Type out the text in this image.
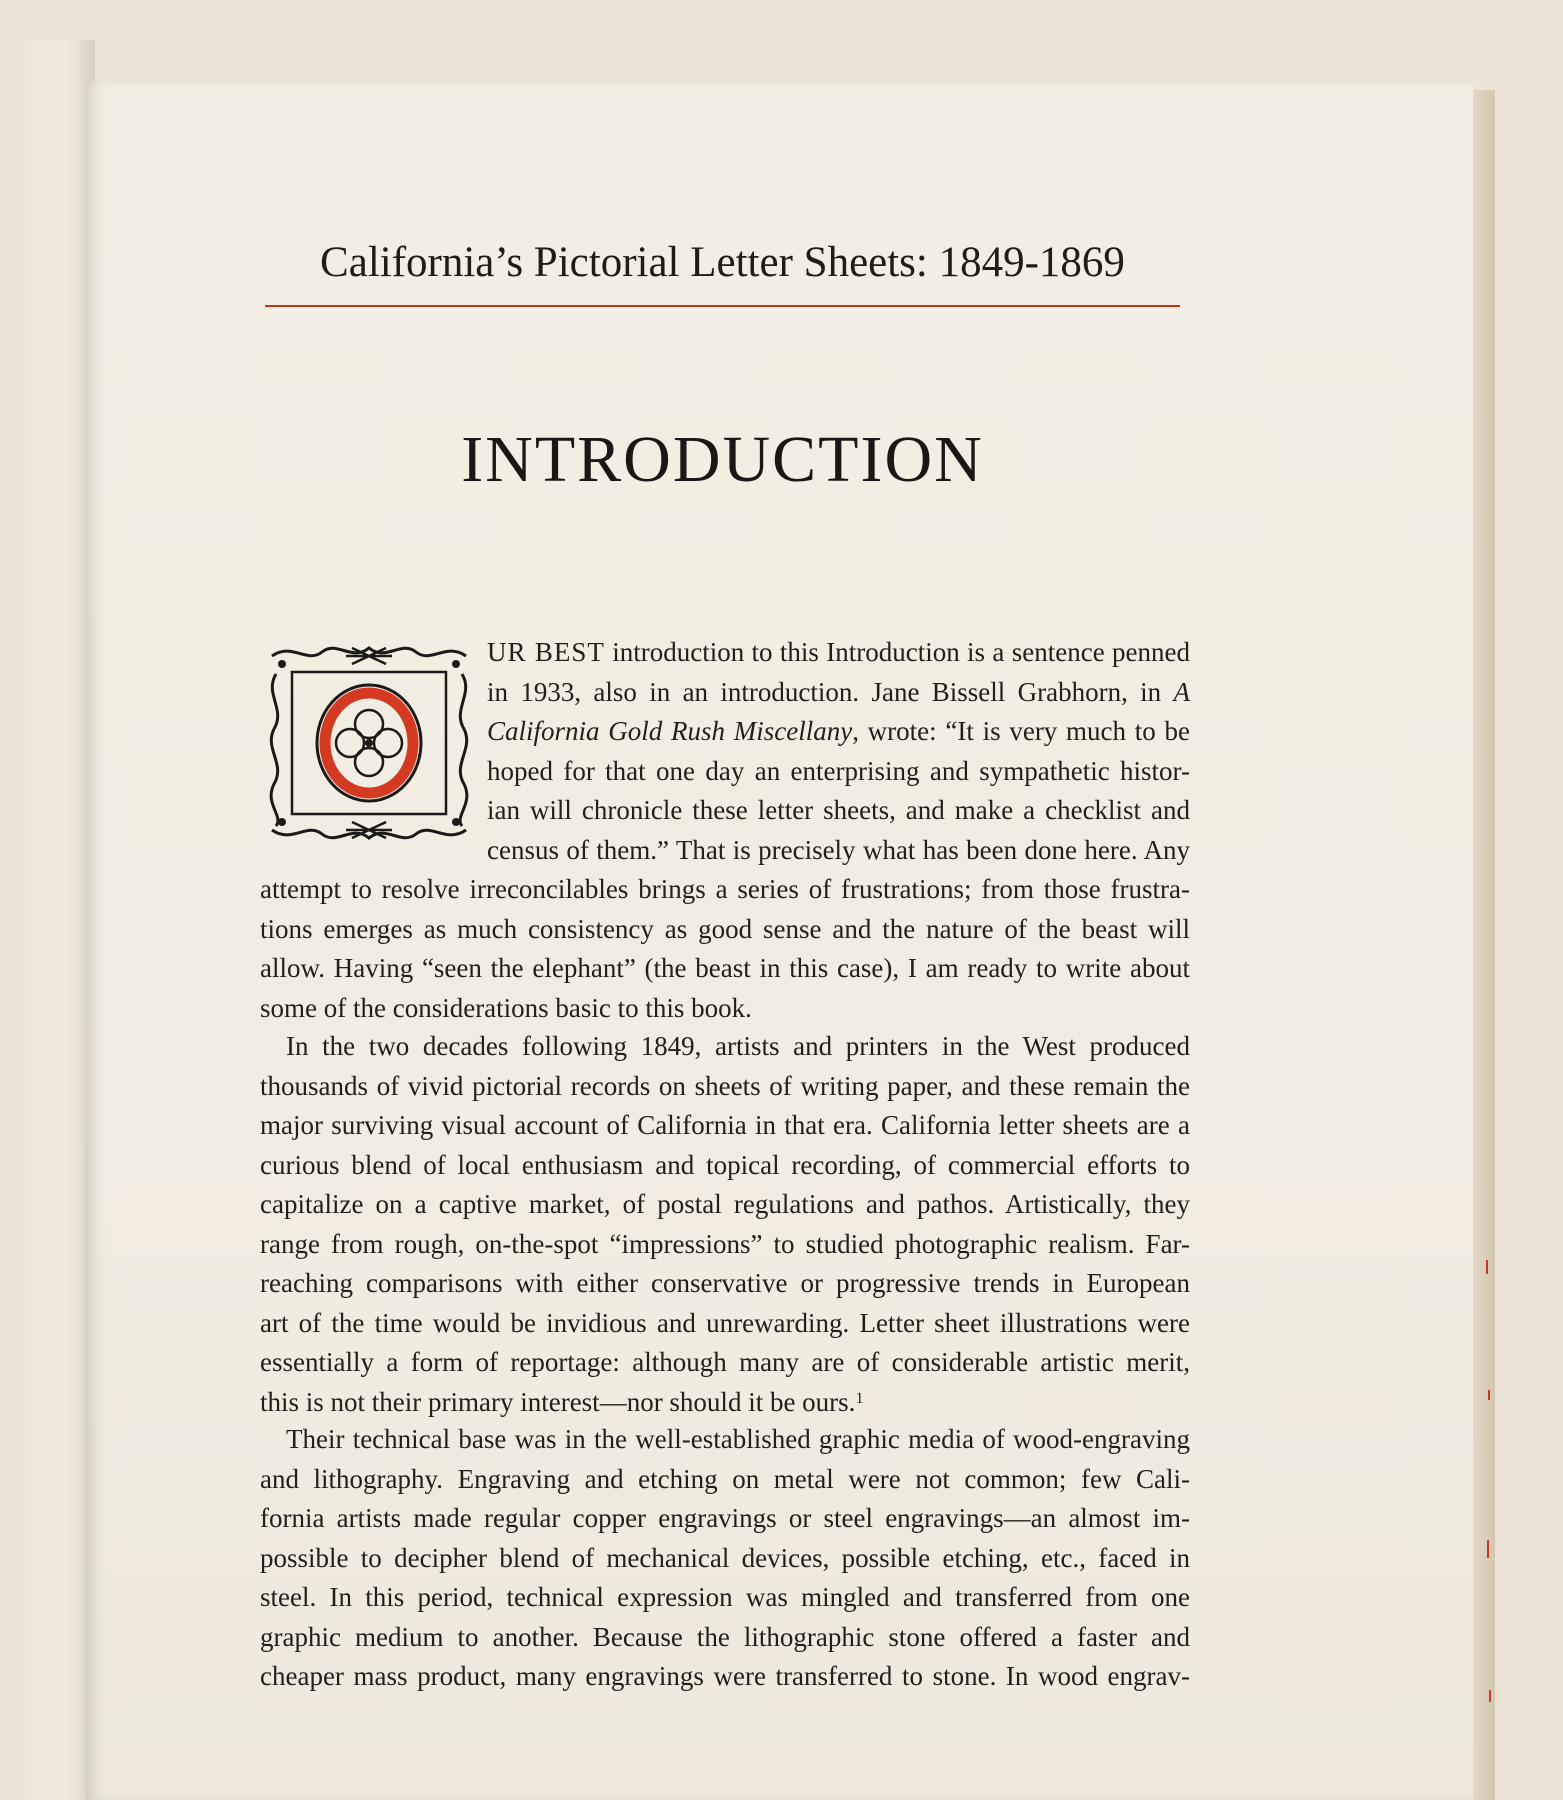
California’s Pictorial Letter Sheets: 1849-1869
INTRODUCTION
UR BEST introduction to this Introduction is a sentence penned
in 1933, also in an introduction. Jane Bissell Grabhorn, in A
California Gold Rush Miscellany, wrote: “It is very much to be
hoped for that one day an enterprising and sympathetic histor-
ian will chronicle these letter sheets, and make a checklist and
census of them.” That is precisely what has been done here. Any
attempt to resolve irreconcilables brings a series of frustrations; from those frustra-
tions emerges as much consistency as good sense and the nature of the beast will
allow. Having “seen the elephant” (the beast in this case), I am ready to write about
some of the considerations basic to this book.
In the two decades following 1849, artists and printers in the West produced
thousands of vivid pictorial records on sheets of writing paper, and these remain the
major surviving visual account of California in that era. California letter sheets are a
curious blend of local enthusiasm and topical recording, of commercial efforts to
capitalize on a captive market, of postal regulations and pathos. Artistically, they
range from rough, on-the-spot “impressions” to studied photographic realism. Far-
reaching comparisons with either conservative or progressive trends in European
art of the time would be invidious and unrewarding. Letter sheet illustrations were
essentially a form of reportage: although many are of considerable artistic merit,
this is not their primary interest—nor should it be ours.$^1$
Their technical base was in the well-established graphic media of wood-engraving
and lithography. Engraving and etching on metal were not common; few Cali-
fornia artists made regular copper engravings or steel engravings—an almost im-
possible to decipher blend of mechanical devices, possible etching, etc., faced in
steel. In this period, technical expression was mingled and transferred from one
graphic medium to another. Because the lithographic stone offered a faster and
cheaper mass product, many engravings were transferred to stone. In wood engrav-
